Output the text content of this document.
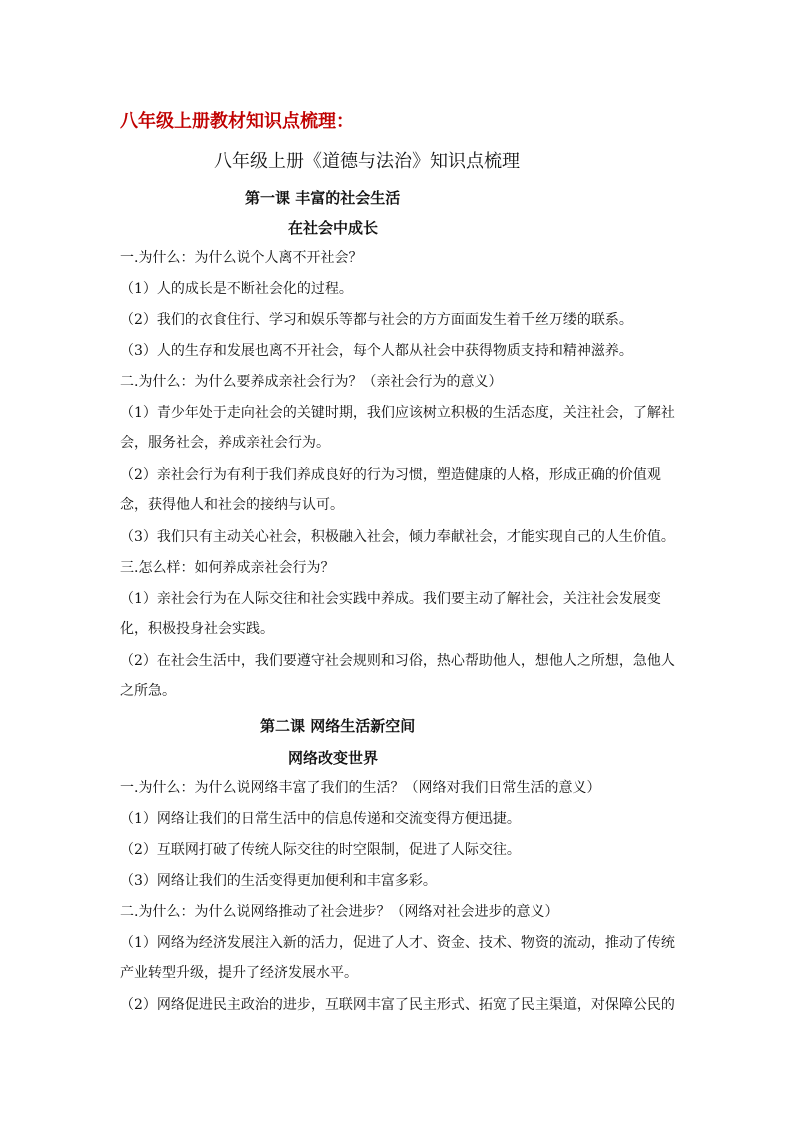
八年级上册教材知识点梳理：
八年级上册《道德与法治》知识点梳理
第一课 丰富的社会生活
在社会中成长

一.为什么：为什么说个人离不开社会？

（1）人的成长是不断社会化的过程。

（2）我们的衣食住行、学习和娱乐等都与社会的方方面面发生着千丝万缕的联系。

（3）人的生存和发展也离不开社会，每个人都从社会中获得物质支持和精神滋养。

二.为什么：为什么要养成亲社会行为？（亲社会行为的意义）

（1）青少年处于走向社会的关键时期，我们应该树立积极的生活态度，关注社会，了解社会，服务社会，养成亲社会行为。

（2）亲社会行为有利于我们养成良好的行为习惯，塑造健康的人格，形成正确的价值观念，获得他人和社会的接纳与认可。

（3）我们只有主动关心社会，积极融入社会，倾力奉献社会，才能实现自己的人生价值。

三.怎么样：如何养成亲社会行为？

（1）亲社会行为在人际交往和社会实践中养成。我们要主动了解社会，关注社会发展变化，积极投身社会实践。

（2）在社会生活中，我们要遵守社会规则和习俗，热心帮助他人，想他人之所想，急他人之所急。

第二课 网络生活新空间
网络改变世界

一.为什么：为什么说网络丰富了我们的生活？（网络对我们日常生活的意义）

（1）网络让我们的日常生活中的信息传递和交流变得方便迅捷。

（2）互联网打破了传统人际交往的时空限制，促进了人际交往。

（3）网络让我们的生活变得更加便利和丰富多彩。

二.为什么：为什么说网络推动了社会进步？（网络对社会进步的意义）

（1）网络为经济发展注入新的活力，促进了人才、资金、技术、物资的流动，推动了传统产业转型升级，提升了经济发展水平。

（2）网络促进民主政治的进步，互联网丰富了民主形式、拓宽了民主渠道，对保障公民的
